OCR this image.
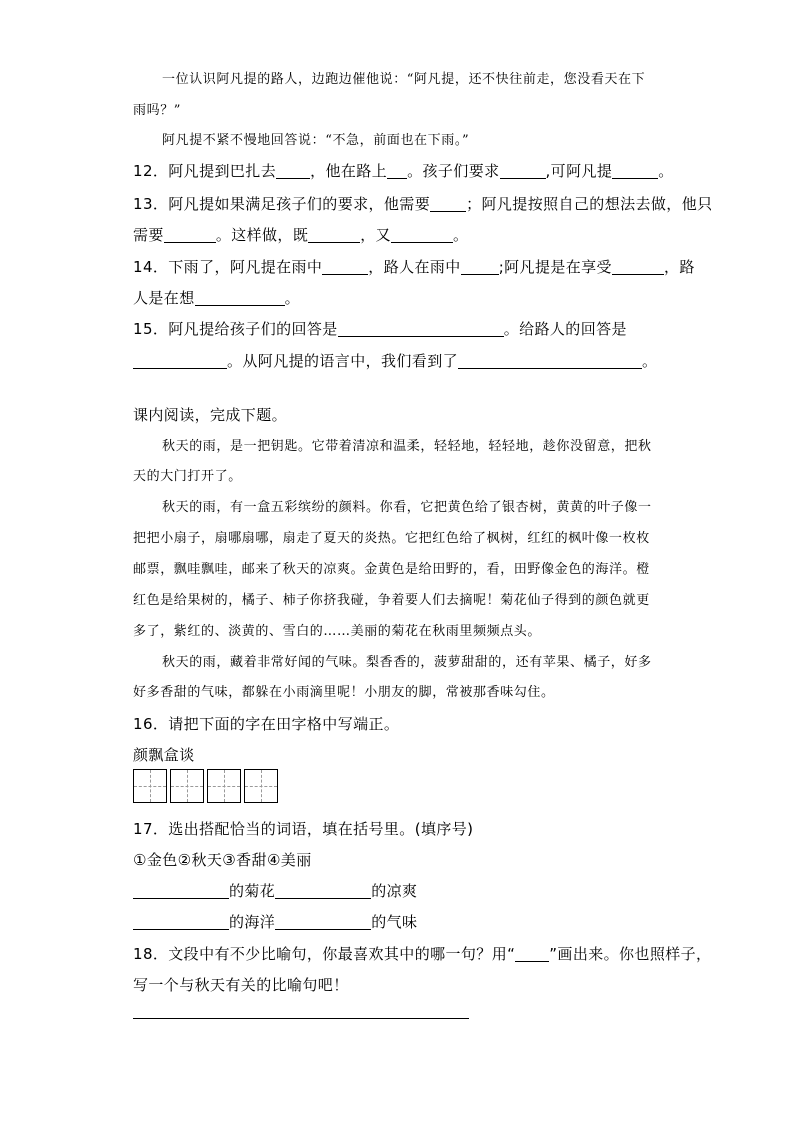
一位认识阿凡提的路人，边跑边催他说：“阿凡提，还不快往前走，您没看天在下
雨吗？”
阿凡提不紧不慢地回答说：“不急，前面也在下雨。”
12．阿凡提到巴扎去 ，他在路上 。孩子们要求	,可阿凡提	。
13．阿凡提如果满足孩子们的要求，他需要 ；阿凡提按照自己的想法去做，他只
需要	。这样做，既	，又	。
14．下雨了，阿凡提在雨中	，路人在雨中	;阿凡提是在享受	，路
人是在想	。
15．阿凡提给孩子们的回答是	。给路人的回答是
。从阿凡提的语言中，我们看到了	。
课内阅读，完成下题。
秋天的雨，是一把钥匙。它带着清凉和温柔，轻轻地，轻轻地，趁你没留意，把秋
天的大门打开了。
秋天的雨，有一盒五彩缤纷的颜料。你看，它把黄色给了银杏树，黄黄的叶子像一
把把小扇子，扇哪扇哪，扇走了夏天的炎热。它把红色给了枫树，红红的枫叶像一枚枚
邮票，飘哇飘哇，邮来了秋天的凉爽。金黄色是给田野的，看，田野像金色的海洋。橙
红色是给果树的，橘子、柿子你挤我碰，争着要人们去摘呢！菊花仙子得到的颜色就更
多了，紫红的、淡黄的、雪白的……美丽的菊花在秋雨里频频点头。
秋天的雨，藏着非常好闻的气味。梨香香的，菠萝甜甜的，还有苹果、橘子，好多
好多香甜的气味，都躲在小雨滴里呢！小朋友的脚，常被那香味勾住。
16．请把下面的字在田字格中写端正。
颜飘盒谈
17．选出搭配恰当的词语，填在括号里。(填序号)
①金色②秋天③香甜④美丽
的菊花	的凉爽
的海洋	的气味
18．文段中有不少比喻句，你最喜欢其中的哪一句？用“ ”画出来。你也照样子，
写一个与秋天有关的比喻句吧！
